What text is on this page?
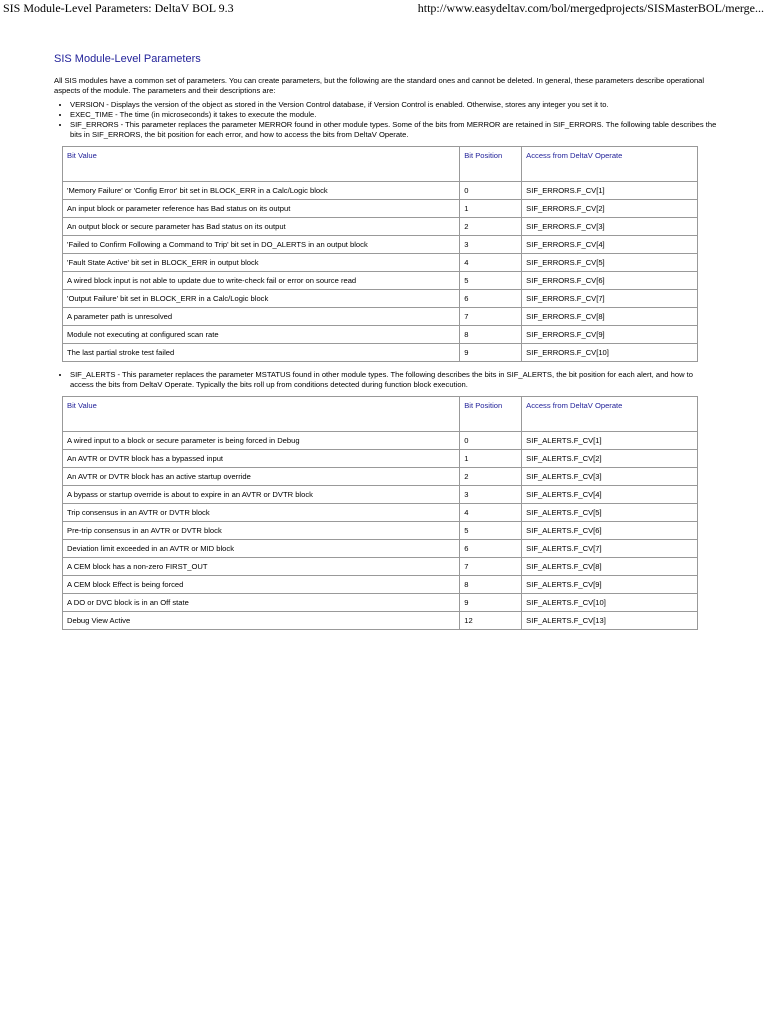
SIS Module-Level Parameters: DeltaV BOL 9.3	http://www.easydeltav.com/bol/mergedprojects/SISMasterBOL/merge...
SIS Module-Level Parameters

All SIS modules have a common set of parameters. You can create parameters, but the following are the standard ones and cannot be deleted. In general, these parameters describe operational aspects of the module. The parameters and their descriptions are:

• VERSION - Displays the version of the object as stored in the Version Control database, if Version Control is enabled. Otherwise, stores any integer you set it to.
• EXEC_TIME - The time (in microseconds) it takes to execute the module.
• SIF_ERRORS - This parameter replaces the parameter MERROR found in other module types. Some of the bits from MERROR are retained in SIF_ERRORS. The following table describes the bits in SIF_ERRORS, the bit position for each error, and how to access the bits from DeltaV Operate.
Bit Value	Bit Position	Access from DeltaV Operate
'Memory Failure' or 'Config Error' bit set in BLOCK_ERR in a Calc/Logic block	0	SIF_ERRORS.F_CV[1]
An input block or parameter reference has Bad status on its output	1	SIF_ERRORS.F_CV[2]
An output block or secure parameter has Bad status on its output	2	SIF_ERRORS.F_CV[3]
'Failed to Confirm Following a Command to Trip' bit set in DO_ALERTS in an output block	3	SIF_ERRORS.F_CV[4]
'Fault State Active' bit set in BLOCK_ERR in output block	4	SIF_ERRORS.F_CV[5]
A wired block input is not able to update due to write-check fail or error on source read	5	SIF_ERRORS.F_CV[6]
'Output Failure' bit set in BLOCK_ERR in a Calc/Logic block	6	SIF_ERRORS.F_CV[7]
A parameter path is unresolved	7	SIF_ERRORS.F_CV[8]
Module not executing at configured scan rate	8	SIF_ERRORS.F_CV[9]
The last partial stroke test failed	9	SIF_ERRORS.F_CV[10]
• SIF_ALERTS - This parameter replaces the parameter MSTATUS found in other module types. The following describes the bits in SIF_ALERTS, the bit position for each alert, and how to access the bits from DeltaV Operate. Typically the bits roll up from conditions detected during function block execution.
Bit Value	Bit Position	Access from DeltaV Operate
A wired input to a block or secure parameter is being forced in Debug	0	SIF_ALERTS.F_CV[1]
An AVTR or DVTR block has a bypassed input	1	SIF_ALERTS.F_CV[2]
An AVTR or DVTR block has an active startup override	2	SIF_ALERTS.F_CV[3]
A bypass or startup override is about to expire in an AVTR or DVTR block	3	SIF_ALERTS.F_CV[4]
Trip consensus in an AVTR or DVTR block	4	SIF_ALERTS.F_CV[5]
Pre-trip consensus in an AVTR or DVTR block	5	SIF_ALERTS.F_CV[6]
Deviation limit exceeded in an AVTR or MID block	6	SIF_ALERTS.F_CV[7]
A CEM block has a non-zero FIRST_OUT	7	SIF_ALERTS.F_CV[8]
A CEM block Effect is being forced	8	SIF_ALERTS.F_CV[9]
A DO or DVC block is in an Off state	9	SIF_ALERTS.F_CV[10]
Debug View Active	12	SIF_ALERTS.F_CV[13]
